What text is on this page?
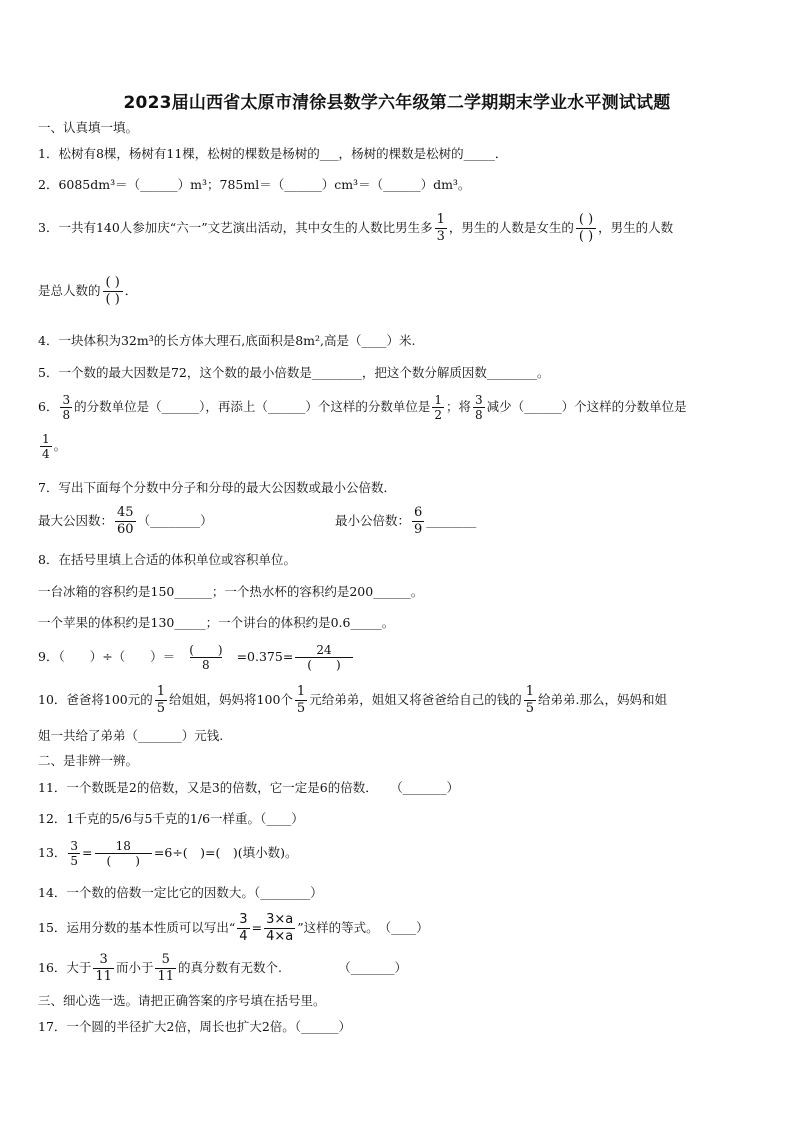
2023届山西省太原市清徐县数学六年级第二学期期末学业水平测试试题
一、认真填一填。
1．松树有8棵，杨树有11棵，松树的棵数是杨树的___，杨树的棵数是松树的_____．
2．6085dm³＝（______）m³；785ml＝（______）cm³＝（______）dm³。
3．一共有140人参加庆“六一”文艺演出活动，其中女生的人数比男生多 $\frac{1}{3}$ ，男生的人数是女生的 $\frac{( )}{( )}$ ，男生的人数
是总人数的 $\frac{( )}{( )}$ ．
4．一块体积为32m³的长方体大理石,底面积是8m²,高是（____）米.
5．一个数的最大因数是72，这个数的最小倍数是________，把这个数分解质因数________。
6． $\frac{3}{8}$ 的分数单位是（______），再添上（______）个这样的分数单位是 $\frac{1}{2}$ ；将 $\frac{3}{8}$ 减少（______）个这样的分数单位是
$\frac{1}{4}$ 。
7．写出下面每个分数中分子和分母的最大公因数或最小公倍数．
最大公因数： $\frac{45}{60}$ （________）	最小公倍数： $\frac{6}{9}$ ________
8．在括号里填上合适的体积单位或容积单位。
一台冰箱的容积约是150______；一个热水杯的容积约是200______。
一个苹果的体积约是130_____；一个讲台的体积约是0.6_____。
9．（　　）÷（　　）＝ $\frac{( )}{8} =0.375= \frac{24}{( )}$
10．爸爸将100元的 $\frac{1}{5}$ 给姐姐，妈妈将100个 $\frac{1}{5}$ 元给弟弟，姐姐又将爸爸给自己的钱的 $\frac{1}{5}$ 给弟弟.那么，妈妈和姐
姐一共给了弟弟（_______）元钱.
二、是非辨一辨。
11．一个数既是2的倍数，又是3的倍数，它一定是6的倍数．　　（_______）
12．1千克的5/6与5千克的1/6一样重。（____）
13． $\frac{3}{5} = \frac{18}{( )} =6\div$(　)=(　)(填小数)。
14．一个数的倍数一定比它的因数大。（________）
15．运用分数的基本性质可以写出“ $\frac{3}{4} = \frac{3\times a}{4\times a}$ ”这样的等式。　（____）
16．大于 $\frac{3}{11}$ 而小于 $\frac{5}{11}$ 的真分数有无数个.　　　　　（_______）
三、细心选一选。请把正确答案的序号填在括号里。
17．一个圆的半径扩大2倍，周长也扩大2倍。（______）
